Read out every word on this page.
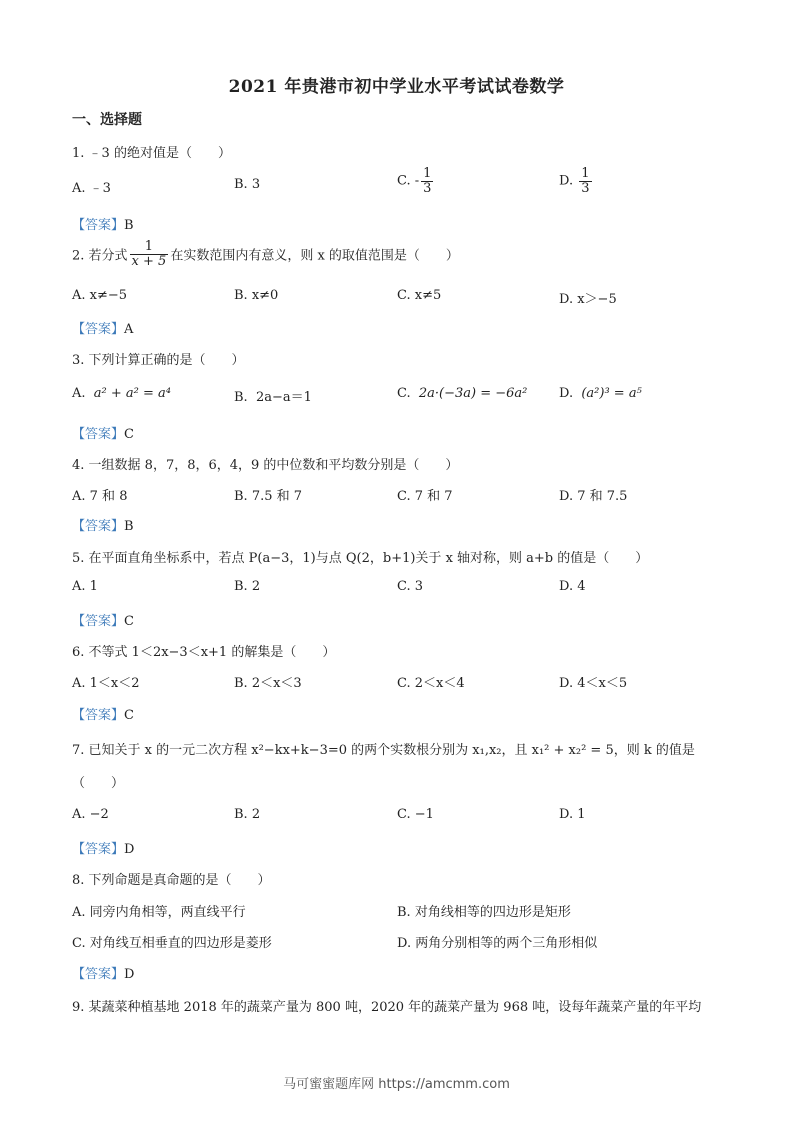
2021 年贵港市初中学业水平考试试卷数学
一、选择题
1. ﹣3 的绝对值是（　　）
A. ﹣3	B. 3	C. - $\frac{1}{3}$	D. $\frac{1}{3}$
【答案】B
2. 若分式 $\frac{1}{x + 5}$ 在实数范围内有意义，则 x 的取值范围是（　　）
A. x≠−5	B. x≠0	C. x≠5	D. x＞−5
【答案】A
3. 下列计算正确的是（　　）
A. a² + a² = a⁴	B. 2a−a＝1	C. 2a·(−3a) = −6a² D. (a²)³ = a⁵
【答案】C
4. 一组数据 8，7，8，6，4，9 的中位数和平均数分别是（　　）
A. 7 和 8	B. 7.5 和 7	C. 7 和 7	D. 7 和 7.5
【答案】B
5. 在平面直角坐标系中，若点 P(a−3，1)与点 Q(2，b+1)关于 x 轴对称，则 a+b 的值是（　　）
A. 1	B. 2	C. 3	D. 4
【答案】C
6. 不等式 1＜2x−3＜x+1 的解集是（　　）
A. 1＜x＜2	B. 2＜x＜3	C. 2＜x＜4	D. 4＜x＜5
【答案】C
7. 已知关于 x 的一元二次方程 x²−kx+k−3=0 的两个实数根分别为 x₁,x₂，且 x₁² + x₂² = 5，则 k 的值是
（　　）
A. −2	B. 2	C. −1	D. 1
【答案】D
8. 下列命题是真命题的是（　　）
A. 同旁内角相等，两直线平行	B. 对角线相等的四边形是矩形
C. 对角线互相垂直的四边形是菱形	D. 两角分别相等的两个三角形相似
【答案】D
9. 某蔬菜种植基地 2018 年的蔬菜产量为 800 吨，2020 年的蔬菜产量为 968 吨，设每年蔬菜产量的年平均
马可蜜蜜题库网 https://amcmm.com
